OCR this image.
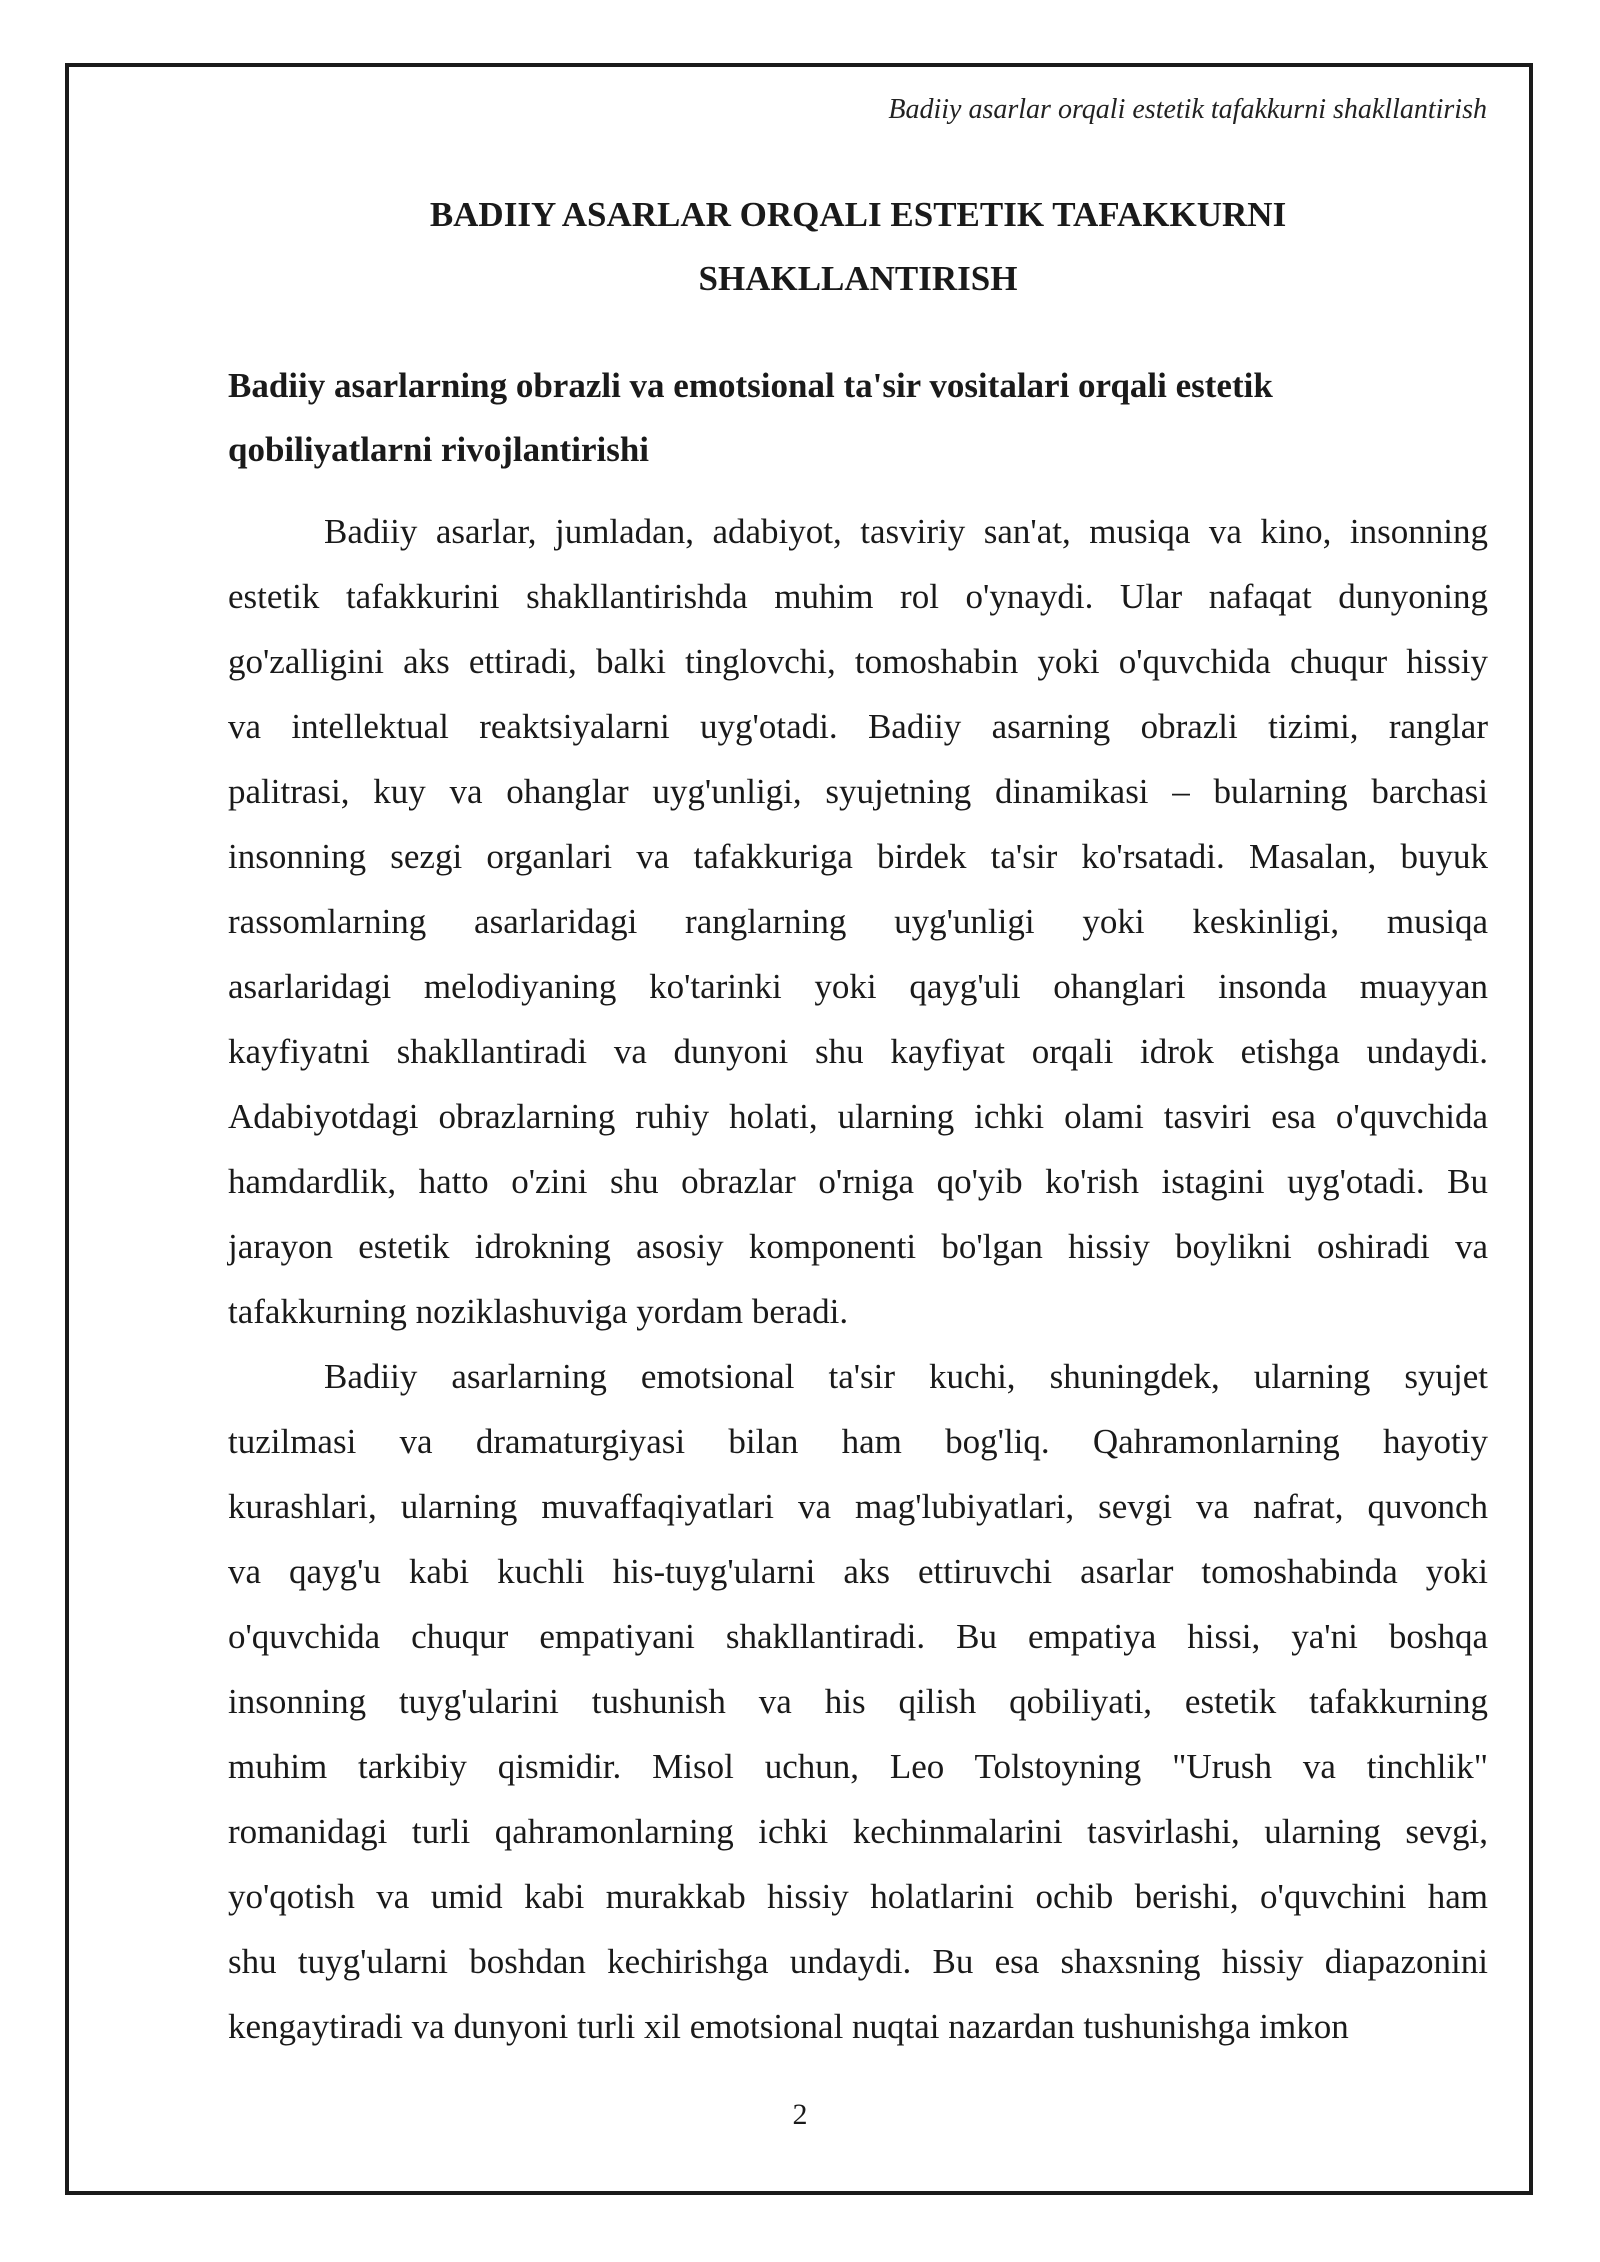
Badiiy asarlar orqali estetik tafakkurni shakllantirish
BADIIY ASARLAR ORQALI ESTETIK TAFAKKURNI
SHAKLLANTIRISH
Badiiy asarlarning obrazli va emotsional ta'sir vositalari orqali estetik
qobiliyatlarni rivojlantirishi
Badiiy asarlar, jumladan, adabiyot, tasviriy san'at, musiqa va kino, insonning
estetik tafakkurini shakllantirishda muhim rol o'ynaydi. Ular nafaqat dunyoning
go'zalligini aks ettiradi, balki tinglovchi, tomoshabin yoki o'quvchida chuqur hissiy
va intellektual reaktsiyalarni uyg'otadi. Badiiy asarning obrazli tizimi, ranglar
palitrasi, kuy va ohanglar uyg'unligi, syujetning dinamikasi – bularning barchasi
insonning sezgi organlari va tafakkuriga birdek ta'sir ko'rsatadi. Masalan, buyuk
rassomlarning asarlaridagi ranglarning uyg'unligi yoki keskinligi, musiqa
asarlaridagi melodiyaning ko'tarinki yoki qayg'uli ohanglari insonda muayyan
kayfiyatni shakllantiradi va dunyoni shu kayfiyat orqali idrok etishga undaydi.
Adabiyotdagi obrazlarning ruhiy holati, ularning ichki olami tasviri esa o'quvchida
hamdardlik, hatto o'zini shu obrazlar o'rniga qo'yib ko'rish istagini uyg'otadi. Bu
jarayon estetik idrokning asosiy komponenti bo'lgan hissiy boylikni oshiradi va
tafakkurning noziklashuviga yordam beradi.
Badiiy asarlarning emotsional ta'sir kuchi, shuningdek, ularning syujet
tuzilmasi va dramaturgiyasi bilan ham bog'liq. Qahramonlarning hayotiy
kurashlari, ularning muvaffaqiyatlari va mag'lubiyatlari, sevgi va nafrat, quvonch
va qayg'u kabi kuchli his-tuyg'ularni aks ettiruvchi asarlar tomoshabinda yoki
o'quvchida chuqur empatiyani shakllantiradi. Bu empatiya hissi, ya'ni boshqa
insonning tuyg'ularini tushunish va his qilish qobiliyati, estetik tafakkurning
muhim tarkibiy qismidir. Misol uchun, Leo Tolstoyning "Urush va tinchlik"
romanidagi turli qahramonlarning ichki kechinmalarini tasvirlashi, ularning sevgi,
yo'qotish va umid kabi murakkab hissiy holatlarini ochib berishi, o'quvchini ham
shu tuyg'ularni boshdan kechirishga undaydi. Bu esa shaxsning hissiy diapazonini
kengaytiradi va dunyoni turli xil emotsional nuqtai nazardan tushunishga imkon
2
